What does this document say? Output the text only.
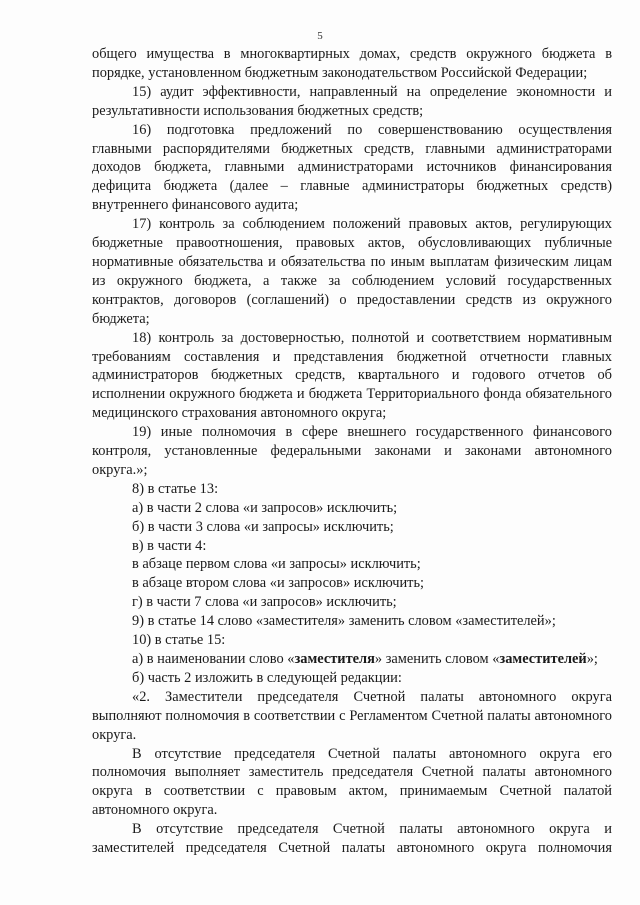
5

общего имущества в многоквартирных домах, средств окружного бюджета в порядке, установленном бюджетным законодательством Российской Федерации;

15) аудит эффективности, направленный на определение экономности и результативности использования бюджетных средств;

16) подготовка предложений по совершенствованию осуществления главными распорядителями бюджетных средств, главными администраторами доходов бюджета, главными администраторами источников финансирования дефицита бюджета (далее – главные администраторы бюджетных средств) внутреннего финансового аудита;

17) контроль за соблюдением положений правовых актов, регулирующих бюджетные правоотношения, правовых актов, обусловливающих публичные нормативные обязательства и обязательства по иным выплатам физическим лицам из окружного бюджета, а также за соблюдением условий государственных контрактов, договоров (соглашений) о предоставлении средств из окружного бюджета;

18) контроль за достоверностью, полнотой и соответствием нормативным требованиям составления и представления бюджетной отчетности главных администраторов бюджетных средств, квартального и годового отчетов об исполнении окружного бюджета и бюджета Территориального фонда обязательного медицинского страхования автономного округа;

19) иные полномочия в сфере внешнего государственного финансового контроля, установленные федеральными законами и законами автономного округа.»;

8) в статье 13:

а) в части 2 слова «и запросов» исключить;

б) в части 3 слова «и запросы» исключить;

в) в части 4:

в абзаце первом слова «и запросы» исключить;

в абзаце втором слова «и запросов» исключить;

г) в части 7 слова «и запросов» исключить;

9) в статье 14 слово «заместителя» заменить словом «заместителей»;

10) в статье 15:

а) в наименовании слово «заместителя» заменить словом «заместителей»;

б) часть 2 изложить в следующей редакции:

«2. Заместители председателя Счетной палаты автономного округа выполняют полномочия в соответствии с Регламентом Счетной палаты автономного округа.

В отсутствие председателя Счетной палаты автономного округа его полномочия выполняет заместитель председателя Счетной палаты автономного округа в соответствии с правовым актом, принимаемым Счетной палатой автономного округа.

В отсутствие председателя Счетной палаты автономного округа и заместителей председателя Счетной палаты автономного округа полномочия
